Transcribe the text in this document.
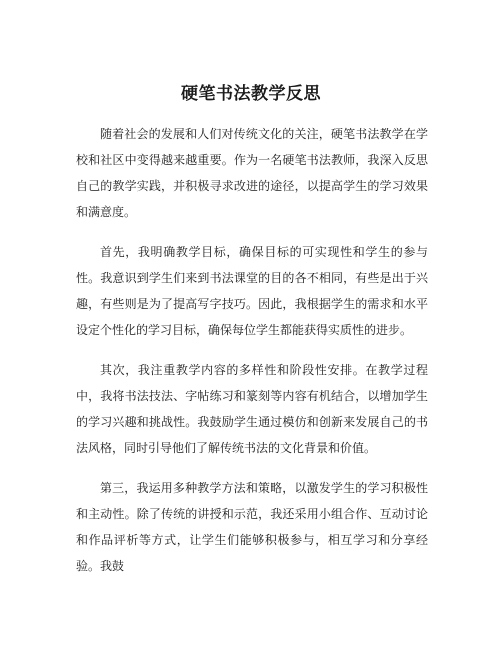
硬笔书法教学反思

随着社会的发展和人们对传统文化的关注，硬笔书法教学在学校和社区中变得越来越重要。作为一名硬笔书法教师，我深入反思自己的教学实践，并积极寻求改进的途径，以提高学生的学习效果和满意度。

首先，我明确教学目标，确保目标的可实现性和学生的参与性。我意识到学生们来到书法课堂的目的各不相同，有些是出于兴趣，有些则是为了提高写字技巧。因此，我根据学生的需求和水平设定个性化的学习目标，确保每位学生都能获得实质性的进步。

其次，我注重教学内容的多样性和阶段性安排。在教学过程中，我将书法技法、字帖练习和篆刻等内容有机结合，以增加学生的学习兴趣和挑战性。我鼓励学生通过模仿和创新来发展自己的书法风格，同时引导他们了解传统书法的文化背景和价值。

第三，我运用多种教学方法和策略，以激发学生的学习积极性和主动性。除了传统的讲授和示范，我还采用小组合作、互动讨论和作品评析等方式，让学生们能够积极参与，相互学习和分享经验。我鼓
